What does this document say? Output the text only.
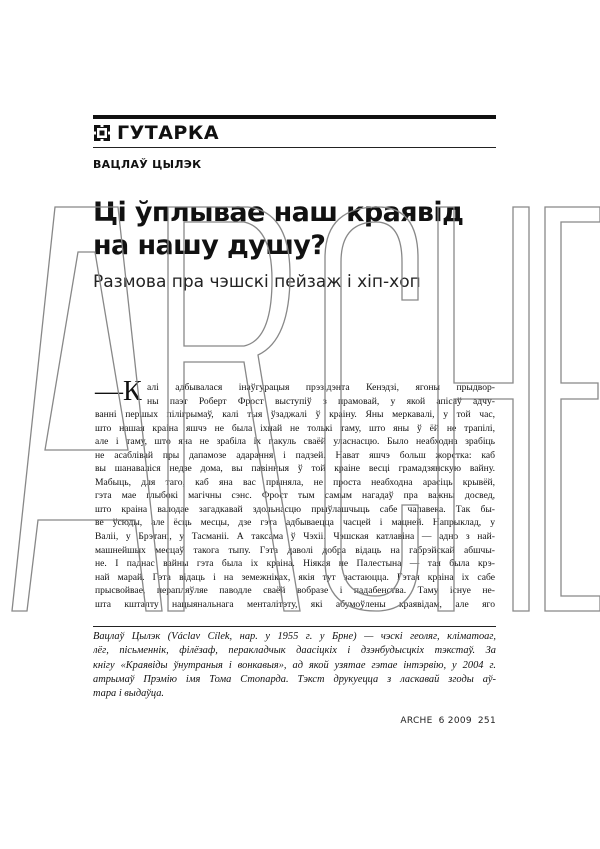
ГУТАРКА
ВАЦЛАЎ ЦЫЛЭК
Ці ўплывае наш краявід
на нашу душу?
Размова пра чэшскі пейзаж і хіп-хоп
—К алі адбывалася інаўгурацыя прэзідэнта Кенэдзі, ягоны прыдвор-
ны паэт Роберт Фрост выступіў з прамовай, у якой апісаў адчу-
ванні першых пілігрымаў, калі тыя ўзаджалі ў краіну. Яны меркавалі, у той час,
што нашая краіна яшчэ не была іхнай не толькі таму, што яны ў ёй не трапілі,
але і таму, што яна не зрабіла іх пакуль сваёй уласнасцю. Было неабходна зрабіць
не асаблівай пры дапамозе адарання і падзей. Нават яшчэ больш жорстка: каб
вы шанаваліся недзе дома, вы павінныя ў той краіне весці грамадзянскую вайну.
Мабыць, для таго, каб яна вас прыняла, не проста неабходна арасіць крывёй,
гэта мае глыбокі магічны сэнс. Фрост тым самым нагадаў пра важны досвед,
што краіна валодае загадкавай здольнасцю прыўлашчыць сабе чалавека. Так бы-
ве ўсюды, але ёсць месцы, дзе гэта адбываецца часцей і мацней. Напрыклад, у
Валіі, у Брэтані, у Тасманіі. А таксама ў Чэхіі. Чэшская катлавіна — адно з най-
машнейшых месцаў такога тыпу. Гэта даволі добра відаць на габрэйскай абшчы-
не. І паднас вайны гэта была іх краіна. Ніякая не Палестына — тая была крэ-
най марай. Гэта відаць і на земежніках, якія тут застаюцца. Гэтая краіна іх сабе
прысвойвае, перапляўляе паводле сваёй вобразе і падабенства. Таму існуе не-
шта кшталту нацыянальнага менталітэту, які абумоўлены краявідам, але яго
Вацлаў Цылэк (Václav Cílek, нар. у 1955 г. у Брне) — чэскі геоляг, кліматоаг,
лёг, пісьменнік, філёзаф, перакладчык даасіцкіх і дзэнбудысцкіх тэкстаў. За
кнігу «Краявіды ўнутраныя і вонкавыя», ад якой узятае гэтае інтэрвію, у 2004 г.
атрымаў Прэмію імя Тома Стопарда. Тэкст друкуецца з ласкавай згоды аў-
тара і выдаўца.
ARCHE 6 2009 251
